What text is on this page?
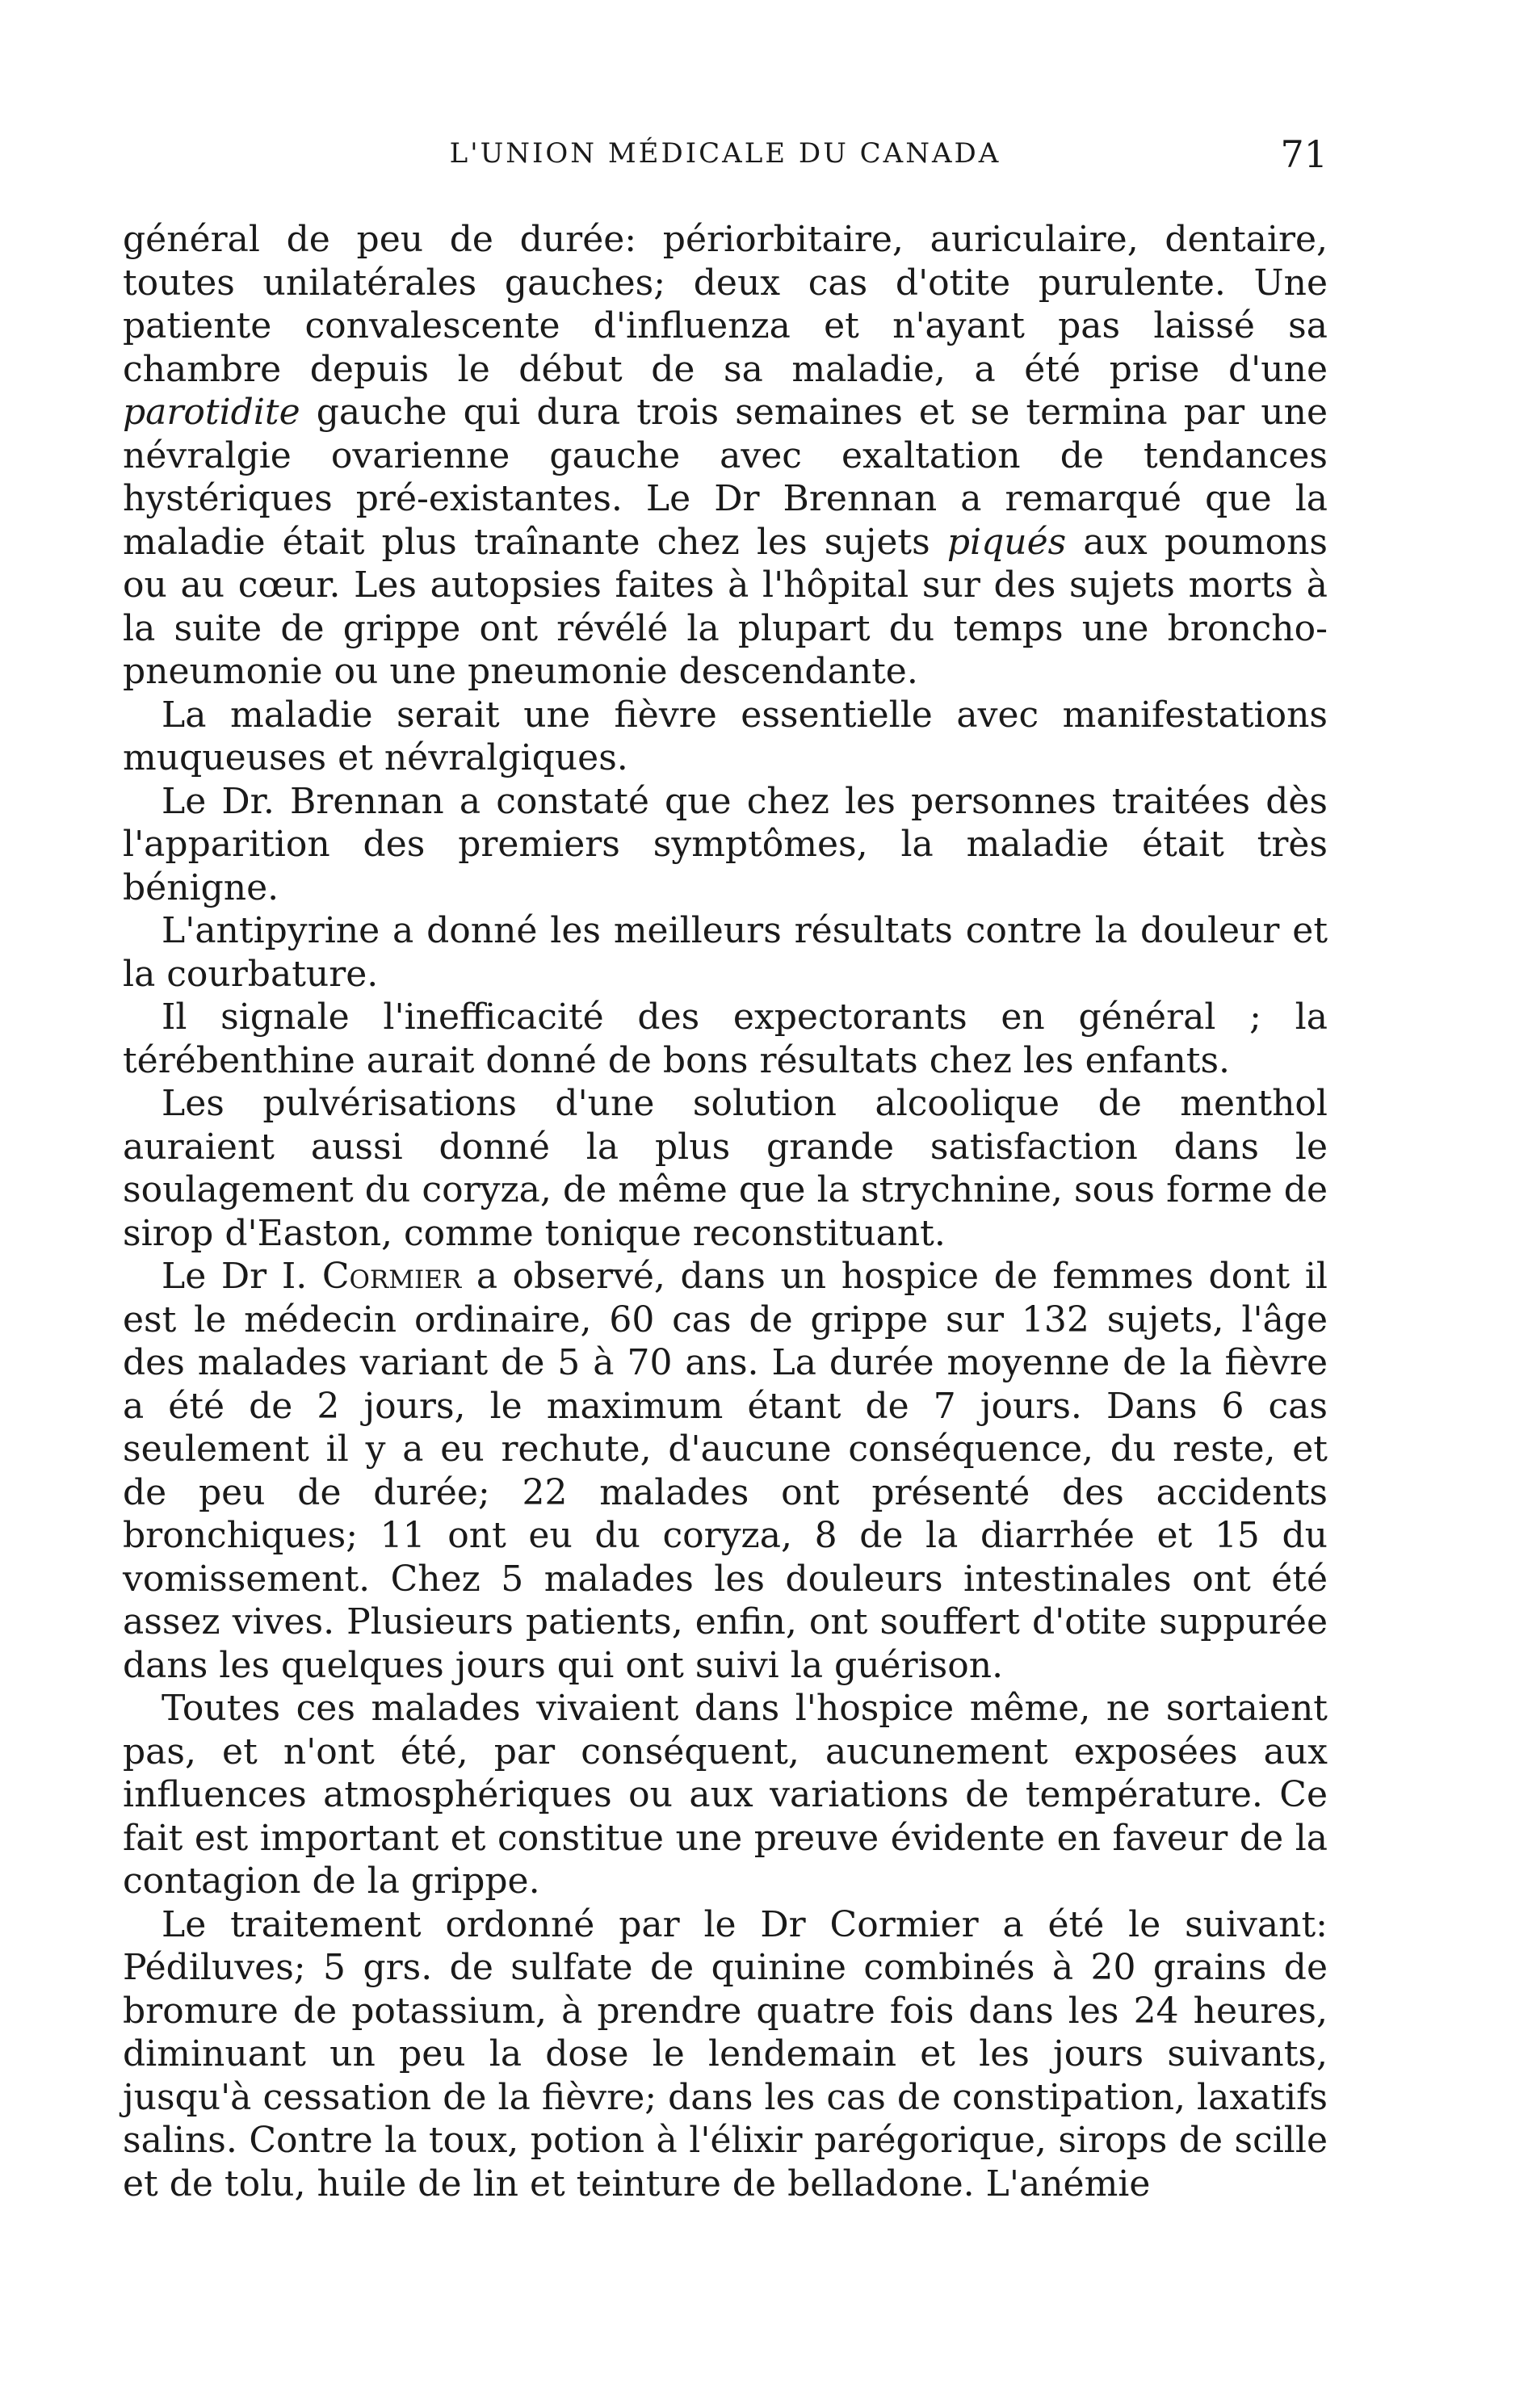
L'UNION MÉDICALE DU CANADA	71

général de peu de durée: périorbitaire, auriculaire, dentaire, toutes unilatérales gauches; deux cas d'otite purulente. Une patiente convalescente d'influenza et n'ayant pas laissé sa chambre depuis le début de sa maladie, a été prise d'une parotidite gauche qui dura trois semaines et se termina par une névralgie ovarienne gauche avec exaltation de tendances hystériques pré-existantes. Le Dr Brennan a remarqué que la maladie était plus traînante chez les sujets piqués aux poumons ou au cœur. Les autopsies faites à l'hôpital sur des sujets morts à la suite de grippe ont révélé la plupart du temps une broncho-pneumonie ou une pneumonie descendante.

La maladie serait une fièvre essentielle avec manifestations muqueuses et névralgiques.

Le Dr. Brennan a constaté que chez les personnes traitées dès l'apparition des premiers symptômes, la maladie était très bénigne.

L'antipyrine a donné les meilleurs résultats contre la douleur et la courbature.

Il signale l'inefficacité des expectorants en général ; la térébenthine aurait donné de bons résultats chez les enfants.

Les pulvérisations d'une solution alcoolique de menthol auraient aussi donné la plus grande satisfaction dans le soulagement du coryza, de même que la strychnine, sous forme de sirop d'Easton, comme tonique reconstituant.

Le Dr I. Cormier a observé, dans un hospice de femmes dont il est le médecin ordinaire, 60 cas de grippe sur 132 sujets, l'âge des malades variant de 5 à 70 ans. La durée moyenne de la fièvre a été de 2 jours, le maximum étant de 7 jours. Dans 6 cas seulement il y a eu rechute, d'aucune conséquence, du reste, et de peu de durée; 22 malades ont présenté des accidents bronchiques; 11 ont eu du coryza, 8 de la diarrhée et 15 du vomissement. Chez 5 malades les douleurs intestinales ont été assez vives. Plusieurs patients, enfin, ont souffert d'otite suppurée dans les quelques jours qui ont suivi la guérison.

Toutes ces malades vivaient dans l'hospice même, ne sortaient pas, et n'ont été, par conséquent, aucunement exposées aux influences atmosphériques ou aux variations de température. Ce fait est important et constitue une preuve évidente en faveur de la contagion de la grippe.

Le traitement ordonné par le Dr Cormier a été le suivant: Pédiluves; 5 grs. de sulfate de quinine combinés à 20 grains de bromure de potassium, à prendre quatre fois dans les 24 heures, diminuant un peu la dose le lendemain et les jours suivants, jusqu'à cessation de la fièvre; dans les cas de constipation, laxatifs salins. Contre la toux, potion à l'élixir parégorique, sirops de scille et de tolu, huile de lin et teinture de belladone. L'anémie
